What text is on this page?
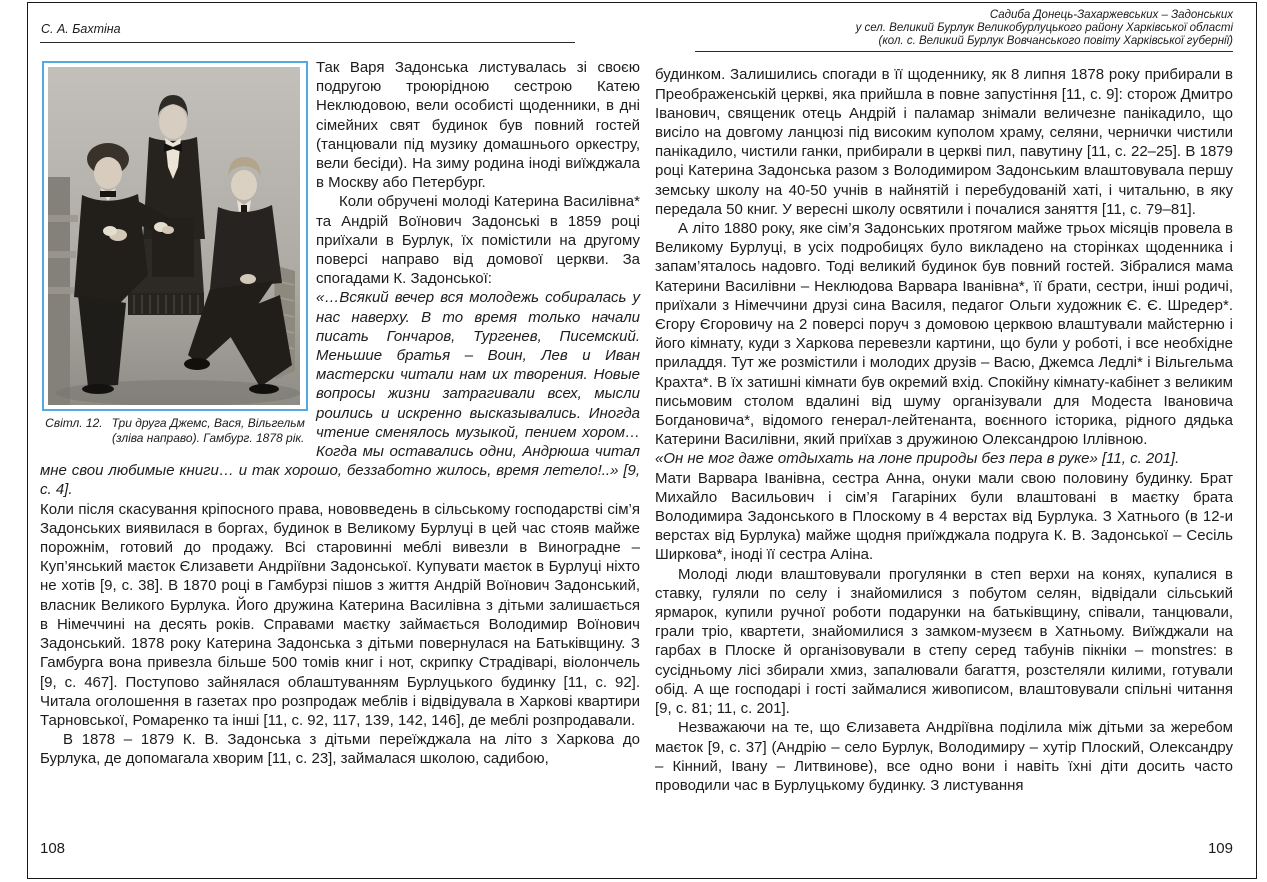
С. А. Бахтіна
Світл. 12. Три друга Джемс, Вася, Вільгельм
(зліва направо). Гамбург. 1878 рік.

Так Варя Задонська листувалась зі своєю подругою троюрідною сестрою Катею Неклюдовою, вели особисті щоденники, в дні сімейних свят будинок був повний гостей (танцювали під музику домашнього оркестру, вели бесіди). На зиму родина іноді виїжджала в Москву або Петербург.

Коли обручені молоді Катерина Василівна* та Андрій Воїнович Задонські в 1859 році приїхали в Бурлук, їх помістили на другому поверсі направо від домової церкви. За спогадами К. Задонської:

«…Всякий вечер вся молодежь собиралась у нас наверху. В то время только начали писать Гончаров, Тургенев, Писемский. Меньшие братья – Воин, Лев и Иван мастерски читали нам их творения. Новые вопросы жизни затрагивали всех, мысли роились и искренно высказывались. Иногда чтение сменялось музыкой, пением хором… Когда мы оставались одни, Андрюша читал мне свои любимые книги… и так хорошо, беззаботно жилось, время летело!..» [9, с. 4].

Коли після скасування кріпосного права, нововведень в сільському господарстві сім’я Задонських виявилася в боргах, будинок в Великому Бурлуці в цей час стояв майже порожнім, готовий до продажу. Всі старовинні меблі вивезли в Виноградне – Куп’янський маєток Єлизавети Андріївни Задонської. Купувати маєток в Бурлуці ніхто не хотів [9, с. 38]. В 1870 році в Гамбурзі пішов з життя Андрій Воїнович Задонський, власник Великого Бурлука. Його дружина Катерина Василівна з дітьми залишається в Німеччині на десять років. Справами маєтку займається Володимир Воїнович Задонський. 1878 року Катерина Задонська з дітьми повернулася на Батьківщину. З Гамбурга вона привезла більше 500 томів книг і нот, скрипку Страдіварі, віолончель [9, с. 467]. Поступово зайнялася облаштуванням Бурлуцького будинку [11, с. 92]. Читала оголошення в газетах про розпродаж меблів і відвідувала в Харкові квартири Тарновської, Ромаренко та інші [11, с. 92, 117, 139, 142, 146], де меблі розпродавали.

В 1878 – 1879 К. В. Задонська з дітьми переїжджала на літо з Харкова до Бурлука, де допомагала хворим [11, с. 23], займалася школою, садибою,

Садиба Донець-Захаржевських – Задонських
у сел. Великий Бурлук Великобурлуцького району Харківської області
(кол. с. Великий Бурлук Вовчанського повіту Харківської губернії)

будинком. Залишились спогади в її щоденнику, як 8 липня 1878 року прибирали в Преображенській церкві, яка прийшла в повне запустіння [11, с. 9]: сторож Дмитро Іванович, священик отець Андрій і паламар знімали величезне панікадило, що висіло на довгому ланцюзі під високим куполом храму, селяни, чернички чистили панікадило, чистили ганки, прибирали в церкві пил, павутину [11, с. 22–25]. В 1879 році Катерина Задонська разом з Володимиром Задонським влаштовувала першу земську школу на 40-50 учнів в найнятій і перебудованій хаті, і читальню, в яку передала 50 книг. У вересні школу освятили і почалися заняття [11, с. 79–81].

А літо 1880 року, яке сім’я Задонських протягом майже трьох місяців провела в Великому Бурлуці, в усіх подробицях було викладено на сторінках щоденника і запам’яталось надовго. Тоді великий будинок був повний гостей. Зібралися мама Катерини Василівни – Неклюдова Варвара Іванівна*, її брати, сестри, інші родичі, приїхали з Німеччини друзі сина Василя, педагог Ольги художник Є. Є. Шредер*. Єгору Єгоровичу на 2 поверсі поруч з домовою церквою влаштували майстерню і його кімнату, куди з Харкова перевезли картини, що були у роботі, і все необхідне приладдя. Тут же розмістили і молодих друзів – Васю, Джемса Ледлі* і Вільгельма Крахта*. В їх затишні кімнати був окремий вхід. Спокійну кімнату-кабінет з великим письмовим столом вдалині від шуму організували для Модеста Івановича Богдановича*, відомого генерал-лейтенанта, воєнного історика, рідного дядька Катерини Василівни, який приїхав з дружиною Олександрою Іллівною.

«Он не мог даже отдыхать на лоне природы без пера в руке» [11, с. 201].

Мати Варвара Іванівна, сестра Анна, онуки мали свою половину будинку. Брат Михайло Васильович і сім’я Гагаріних були влаштовані в маєтку брата Володимира Задонського в Плоскому в 4 верстах від Бурлука. З Хатнього (в 12-и верстах від Бурлука) майже щодня приїжджала подруга К. В. Задонської – Сесіль Ширкова*, іноді її сестра Аліна.

Молоді люди влаштовували прогулянки в степ верхи на конях, купалися в ставку, гуляли по селу і знайомилися з побутом селян, відвідали сільський ярмарок, купили ручної роботи подарунки на батьківщину, співали, танцювали, грали тріо, квартети, знайомилися з замком-музеєм в Хатньому. Виїжджали на гарбах в Плоске й організовували в степу серед табунів пікніки – monstres: в сусідньому лісі збирали хмиз, запалювали багаття, розстеляли килими, готували обід. А ще господарі і гості займалися живописом, влаштовували спільні читання [9, с. 81; 11, с. 201].

Незважаючи на те, що Єлизавета Андріївна поділила між дітьми за жеребом маєток [9, с. 37] (Андрію – село Бурлук, Володимиру – хутір Плоский, Олександру – Кінний, Івану – Литвинове), все одно вони і навіть їхні діти досить часто проводили час в Бурлуцькому будинку. З листування

108	109
